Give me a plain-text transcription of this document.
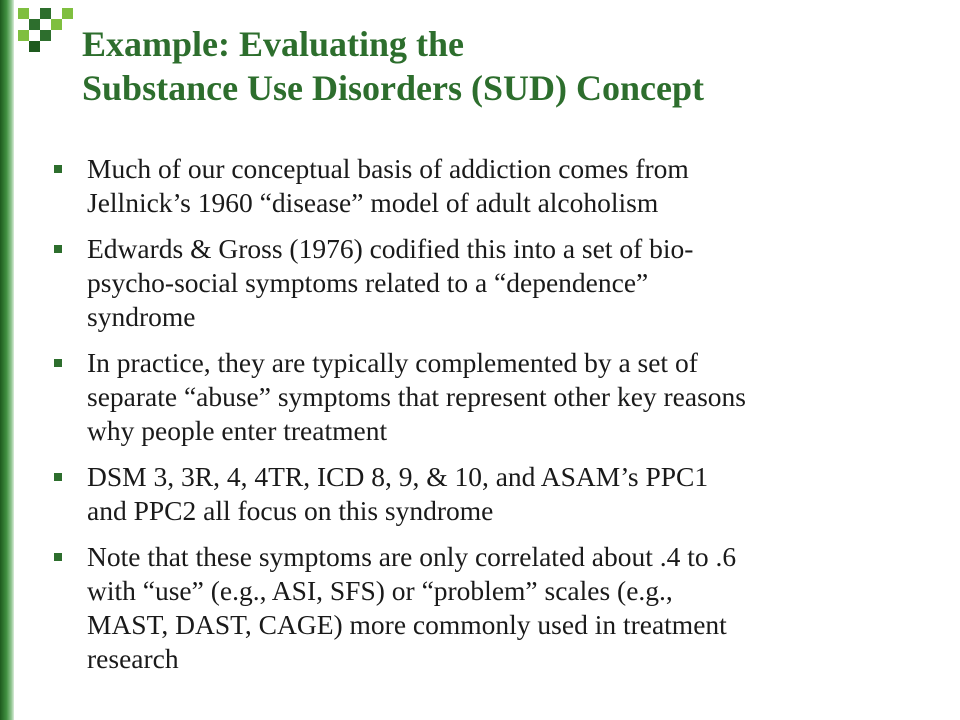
Example: Evaluating the
Substance Use Disorders (SUD) Concept
Much of our conceptual basis of addiction comes from
Jellnick’s 1960 “disease” model of adult alcoholism
Edwards & Gross (1976) codified this into a set of bio-
psycho-social symptoms related to a “dependence”
syndrome
In practice, they are typically complemented by a set of
separate “abuse” symptoms that represent other key reasons
why people enter treatment
DSM 3, 3R, 4, 4TR, ICD 8, 9, & 10, and ASAM’s PPC1
and PPC2 all focus on this syndrome
Note that these symptoms are only correlated about .4 to .6
with “use” (e.g., ASI, SFS) or “problem” scales (e.g.,
MAST, DAST, CAGE) more commonly used in treatment
research
